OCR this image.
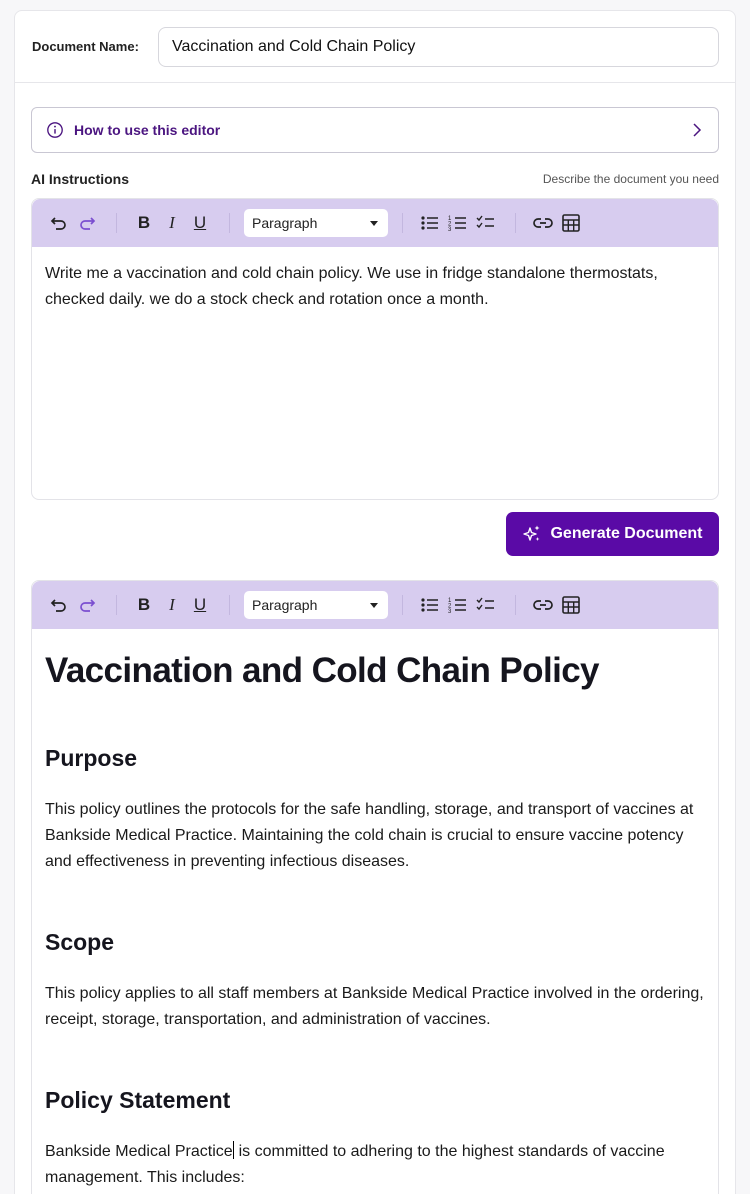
Document Name:	Vaccination and Cold Chain Policy
How to use this editor
AI Instructions	Describe the document you need
B I U	Paragraph	1
2
3
Write me a vaccination and cold chain policy. We use in fridge standalone thermostats, checked daily. we do a stock check and rotation once a month.
Generate Document
B I U	Paragraph	1
2
3
Vaccination and Cold Chain Policy
Purpose

This policy outlines the protocols for the safe handling, storage, and transport of vaccines at Bankside Medical Practice. Maintaining the cold chain is crucial to ensure vaccine potency and effectiveness in preventing infectious diseases.

Scope

This policy applies to all staff members at Bankside Medical Practice involved in the ordering, receipt, storage, transportation, and administration of vaccines.

Policy Statement

Bankside Medical Practice is committed to adhering to the highest standards of vaccine management. This includes:
